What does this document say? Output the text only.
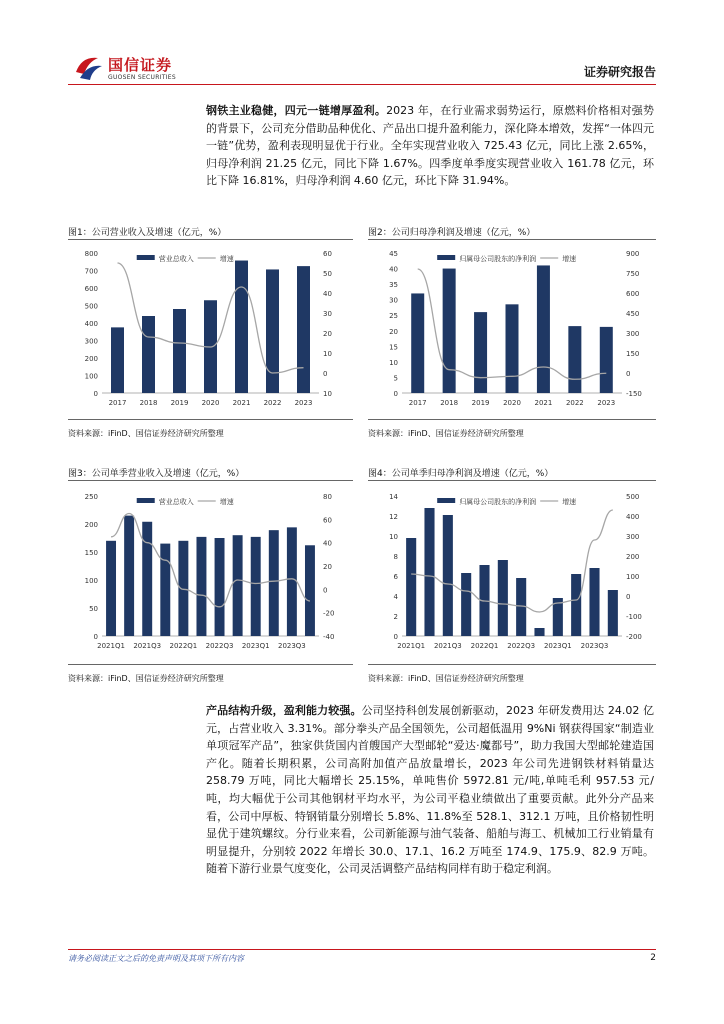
国信证券
GUOSEN SECURITIES	证券研究报告
钢铁主业稳健，四元一链增厚盈利。2023 年，在行业需求弱势运行，原燃料价格相对强势的背景下，公司充分借助品种优化、产品出口提升盈利能力，深化降本增效，发挥“一体四元一链”优势，盈利表现明显优于行业。全年实现营业收入 725.43 亿元，同比上涨 2.65%，归母净利润 21.25 亿元，同比下降 1.67%。四季度单季度实现营业收入 161.78 亿元，环比下降 16.81%，归母净利润 4.60 亿元，环比下降 31.94%。
图1：公司营业收入及增速（亿元，%）	图2：公司归母净利润及增速（亿元，%）
0
100
200
300
400
500
600
700
800
10
0
10
20
30
40
50
60
2017 2018 2019 2020 2021 2022 2023
营业总收入	增速
0
5
10
15
20
25
30
35
40
45
-150
0
150
300
450
600
750
900
2017 2018 2019 2020 2021 2022 2023
归属母公司股东的净利润	增速
资料来源：iFinD、国信证券经济研究所整理	资料来源：iFinD、国信证券经济研究所整理
图3：公司单季营业收入及增速（亿元，%）	图4：公司单季归母净利润及增速（亿元，%）
0
50
100
150
200
250
-40
-20
0
20
40
60
80
2021Q1 2021Q3 2022Q1 2022Q3 2023Q1 2023Q3
营业总收入	增速
0
2
4
6
8
10
12
14
-200
-100
0
100
200
300
400
500
2021Q1 2021Q3 2022Q1 2022Q3 2023Q1 2023Q3
归属母公司股东的净利润	增速
资料来源：iFinD、国信证券经济研究所整理	资料来源：iFinD、国信证券经济研究所整理
产品结构升级，盈利能力较强。公司坚持科创发展创新驱动，2023 年研发费用达 24.02 亿元，占营业收入 3.31%。部分拳头产品全国领先，公司超低温用 9%Ni 钢获得国家“制造业单项冠军产品”，独家供货国内首艘国产大型邮轮“爱达·魔都号”，助力我国大型邮轮建造国产化。随着长期积累，公司高附加值产品放量增长，2023 年公司先进钢铁材料销量达 258.79 万吨，同比大幅增长 25.15%，单吨售价 5972.81 元/吨,单吨毛利 957.53 元/吨，均大幅优于公司其他钢材平均水平，为公司平稳业绩做出了重要贡献。此外分产品来看，公司中厚板、特钢销量分别增长 5.8%、11.8%至 528.1、312.1 万吨，且价格韧性明显优于建筑螺纹。分行业来看，公司新能源与油气装备、船舶与海工、机械加工行业销量有明显提升，分别较 2022 年增长 30.0、17.1、16.2 万吨至 174.9、175.9、82.9 万吨。随着下游行业景气度变化，公司灵活调整产品结构同样有助于稳定利润。
请务必阅读正文之后的免责声明及其项下所有内容	2
